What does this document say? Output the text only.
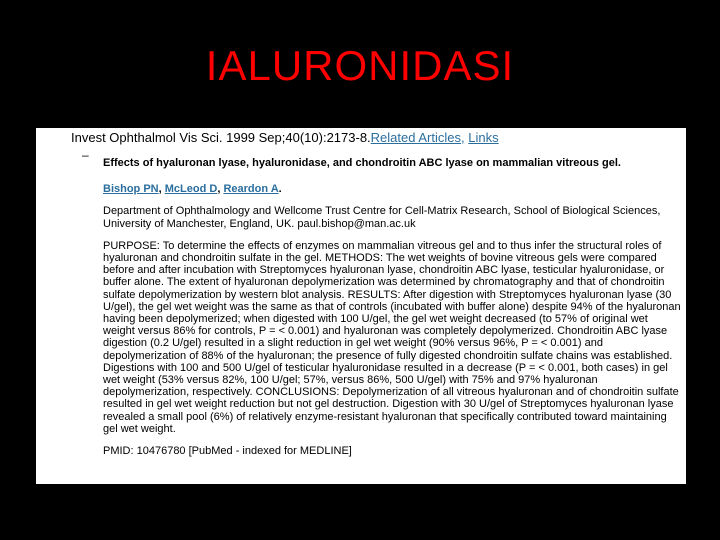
IALURONIDASI
•	Invest Ophthalmol Vis Sci. 1999 Sep;40(10):2173-8.Related Articles, Links
–

Effects of hyaluronan lyase, hyaluronidase, and chondroitin ABC lyase on mammalian vitreous gel.

Bishop PN, McLeod D, Reardon A.

Department of Ophthalmology and Wellcome Trust Centre for Cell-Matrix Research, School of Biological Sciences, University of Manchester, England, UK. paul.bishop@man.ac.uk

PURPOSE: To determine the effects of enzymes on mammalian vitreous gel and to thus infer the structural roles of hyaluronan and chondroitin sulfate in the gel. METHODS: The wet weights of bovine vitreous gels were compared before and after incubation with Streptomyces hyaluronan lyase, chondroitin ABC lyase, testicular hyaluronidase, or buffer alone. The extent of hyaluronan depolymerization was determined by chromatography and that of chondroitin sulfate depolymerization by western blot analysis. RESULTS: After digestion with Streptomyces hyaluronan lyase (30 U/gel), the gel wet weight was the same as that of controls (incubated with buffer alone) despite 94% of the hyaluronan having been depolymerized; when digested with 100 U/gel, the gel wet weight decreased (to 57% of original wet weight versus 86% for controls, P = < 0.001) and hyaluronan was completely depolymerized. Chondroitin ABC lyase digestion (0.2 U/gel) resulted in a slight reduction in gel wet weight (90% versus 96%, P = < 0.001) and depolymerization of 88% of the hyaluronan; the presence of fully digested chondroitin sulfate chains was established. Digestions with 100 and 500 U/gel of testicular hyaluronidase resulted in a decrease (P = < 0.001, both cases) in gel wet weight (53% versus 82%, 100 U/gel; 57%, versus 86%, 500 U/gel) with 75% and 97% hyaluronan depolymerization, respectively. CONCLUSIONS: Depolymerization of all vitreous hyaluronan and of chondroitin sulfate resulted in gel wet weight reduction but not gel destruction. Digestion with 30 U/gel of Streptomyces hyaluronan lyase revealed a small pool (6%) of relatively enzyme-resistant hyaluronan that specifically contributed toward maintaining gel wet weight.

PMID: 10476780 [PubMed - indexed for MEDLINE]
